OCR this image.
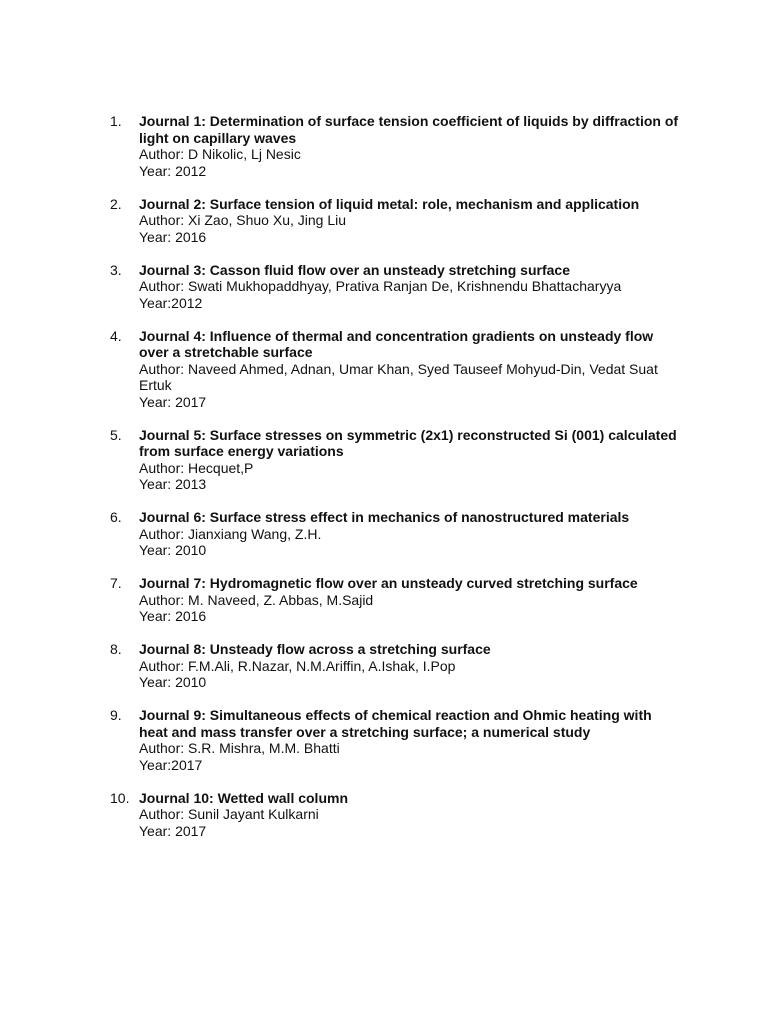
1.	Journal 1: Determination of surface tension coefficient of liquids by diffraction of light on capillary waves
Author: D Nikolic, Lj Nesic
Year: 2012
2.	Journal 2: Surface tension of liquid metal: role, mechanism and application
Author: Xi Zao, Shuo Xu, Jing Liu
Year: 2016
3.	Journal 3: Casson fluid flow over an unsteady stretching surface
Author: Swati Mukhopaddhyay, Prativa Ranjan De, Krishnendu Bhattacharyya
Year:2012
4.	Journal 4: Influence of thermal and concentration gradients on unsteady flow over a stretchable surface
Author: Naveed Ahmed, Adnan, Umar Khan, Syed Tauseef Mohyud-Din, Vedat Suat Ertuk
Year: 2017
5.	Journal 5: Surface stresses on symmetric (2x1) reconstructed Si (001) calculated from surface energy variations
Author: Hecquet,P
Year: 2013
6.	Journal 6: Surface stress effect in mechanics of nanostructured materials
Author: Jianxiang Wang, Z.H.
Year: 2010
7.	Journal 7: Hydromagnetic flow over an unsteady curved stretching surface
Author: M. Naveed, Z. Abbas, M.Sajid
Year: 2016
8.	Journal 8: Unsteady flow across a stretching surface
Author: F.M.Ali, R.Nazar, N.M.Ariffin, A.Ishak, I.Pop
Year: 2010
9.	Journal 9: Simultaneous effects of chemical reaction and Ohmic heating with heat and mass transfer over a stretching surface; a numerical study
Author: S.R. Mishra, M.M. Bhatti
Year:2017
10. Journal 10: Wetted wall column
Author: Sunil Jayant Kulkarni
Year: 2017
